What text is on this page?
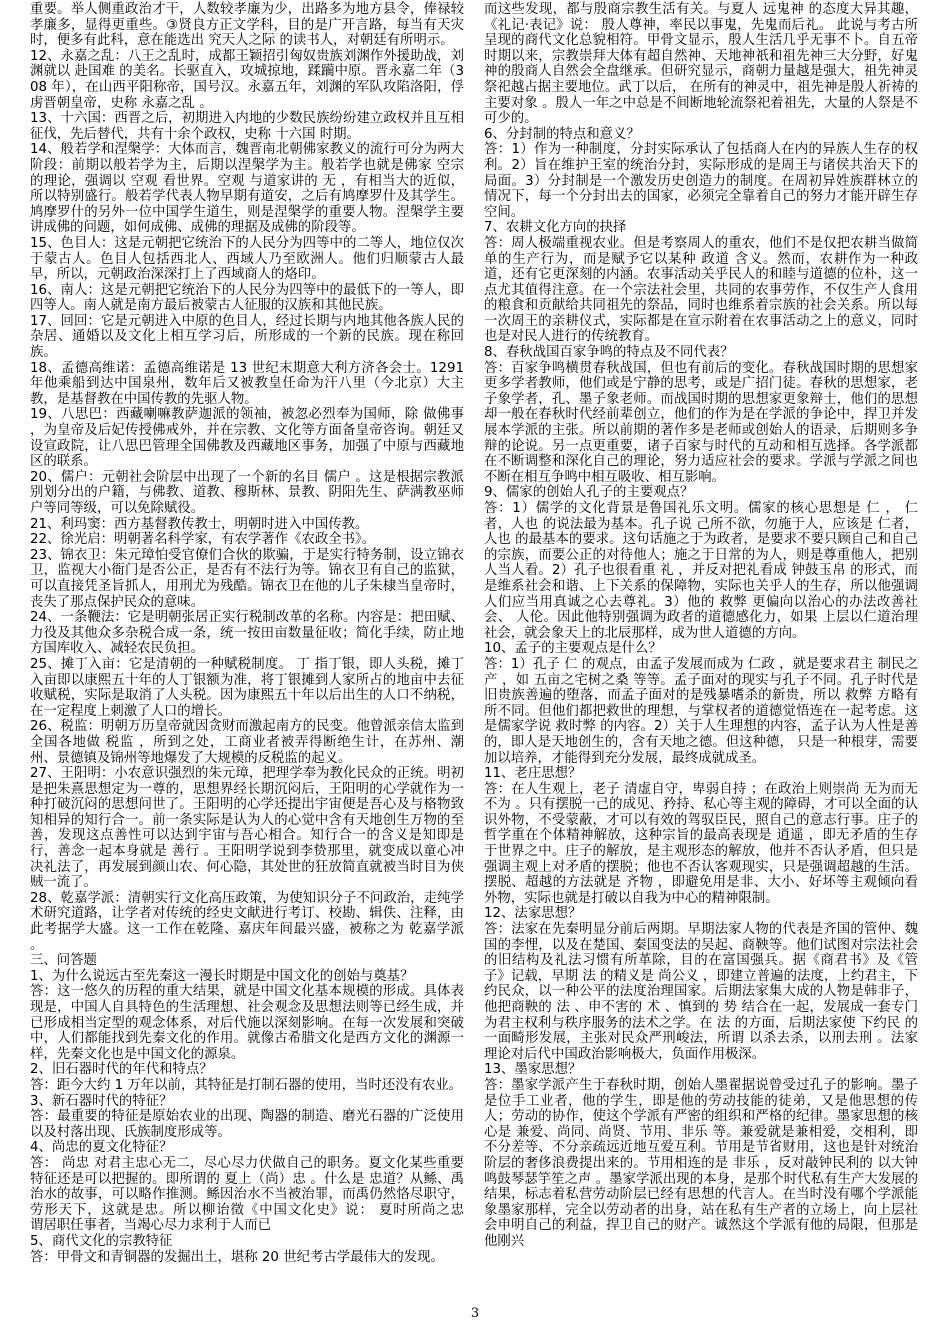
重要。举人侧重政治才干，人数较孝廉为少，出路多为地方县令，俸禄较孝廉多，显得更重些。③贤良方正文学科，目的是广开言路，每当有天灾时，便多有此科，意在能选出 究天人之际 的读书人，对朝廷有所明示。

12、永嘉之乱：八王之乱时，成都王颖招引匈奴贵族刘渊作外援助战，刘渊就以 赴国难 的美名。长驱直入，攻城掠地，蹂躏中原。晋永嘉二年（308 年），在山西平阳称帝，国号汉。永嘉五年，刘渊的军队攻陷洛阳，俘虏晋朝皇帝，史称 永嘉之乱 。

13、十六国：西晋之后，初期进入内地的少数民族纷纷建立政权并且互相征伐，先后替代，共有十余个政权，史称 十六国 时期。

14、般若学和涅槃学：大体而言，魏晋南北朝佛家教义的流行可分为两大阶段：前期以般若学为主，后期以涅槃学为主。般若学也就是佛家 空宗 的理论，强调以 空观 看世界。空观 与道家讲的 无 ，有相当大的近似，所以特别盛行。般若学代表人物早期有道安，之后有鸠摩罗什及其学生。鸠摩罗什的另外一位中国学生道生，则是涅槃学的重要人物。涅槃学主要讲成佛的问题，如何成佛、成佛的理据及成佛的阶段等。

15、色目人：这是元朝把它统治下的人民分为四等中的二等人，地位仅次于蒙古人。色目人包括西北人、西域人乃至欧洲人。他们归顺蒙古人最早，所以，元朝政治深深打上了西域商人的烙印。

16、南人：这是元朝把它统治下的人民分为四等中的最低下的一等人，即四等人。南人就是南方最后被蒙古人征服的汉族和其他民族。

17、回回：它是元朝进入中原的色目人，经过长期与内地其他各族人民的杂居、通婚以及文化上相互学习后，所形成的一个新的民族。现在称回族。

18、孟德高维诺：孟德高维诺是 13 世纪末期意大利方济各会士。1291年他乘船到达中国泉州，数年后又被教皇任命为汗八里（今北京）大主教，是基督教在中国传教的先驱人物。

19、八思巴：西藏喇嘛教萨迦派的领袖，被忽必烈奉为国师，除 做佛事 ，为皇帝及后妃传授佛戒外，并在宗教、文化等方面备皇帝咨询。朝廷又设宣政院，让八思巴管理全国佛教及西藏地区事务，加强了中原与西藏地区的联系。

20、儒户：元朝社会阶层中出现了一个新的名目 儒户 。这是根据宗教派别划分出的户籍，与佛教、道教、穆斯林、景教、阴阳先生、萨满教巫师户等同等级，可以免除赋役。

21、利玛窦：西方基督教传教士，明朝时进入中国传教。

22、徐光启：明朝著名科学家，有农学著作《农政全书》。

23、锦衣卫：朱元璋怕受官僚们合伙的欺骗，于是实行特务制，设立锦衣卫，监视大小衙门是否公正，是否有不法行为等。锦衣卫有自己的监狱，可以直接凭圣旨抓人，用刑尤为残酷。锦衣卫在他的儿子朱棣当皇帝时，丧失了那点保护民众的意味。

24、一条鞭法：它是明朝张居正实行税制改革的名称。内容是：把田赋、力役及其他众多杂税合成一条，统一按田亩数量征收；简化手续，防止地方国库收入、减轻农民负担。

25、摊丁入亩：它是清朝的一种赋税制度。 丁 指丁银，即人头税，摊丁入亩即以康熙五十年的人丁银额为准，将丁银摊到人家所占的地亩中去征收赋税，实际是取消了人头税。因为康熙五十年以后出生的人口不纳税，在一定程度上刺激了人口的增长。

26、税监：明朝万历皇帝就因贪财而激起南方的民变。他曾派亲信太监到全国各地做 税监 ，所到之处，工商业者被弄得断绝生计，在苏州、潮州、景德镇及锦州等地爆发了大规模的反税监的起义。

27、王阳明：小农意识强烈的朱元璋，把理学奉为教化民众的正统。明初是把朱熹思想定为一尊的，思想界经长期沉闷后，王阳明的心学就作为一种打破沉闷的思想问世了。王阳明的心学还提出宇宙便是吾心及与格物致知相异的知行合一。前一条实际是认为人的心觉中含有天地创生万物的至善，发现这点善性可以达到宇宙与吾心相合。知行合一的含义是知即是行，善念一起本身就是 善行 。王阳明学说到李贽那里，就变成以童心冲决礼法了，再发展到颜山农、何心隐，其处世的狂放简直就被当时目为侠贼一流了。

28、乾嘉学派：清朝实行文化高压政策，为使知识分子不问政治，走纯学术研究道路，让学者对传统的经史文献进行考订、校勘、辑佚、注释，由此考据学大盛。这一工作在乾隆、嘉庆年间最兴盛，被称之为 乾嘉学派 。

三、问答题

1、为什么说远古至先秦这一漫长时期是中国文化的创始与奠基？

答：这一悠久的历程的重大结果，就是中国文化基本规模的形成。具体表现是，中国人自具特色的生活理想、社会观念及思想法则等已经生成，并已形成相当定型的观念体系，对后代施以深刻影响。在每一次发展和突破中，人们都能找到先秦文化的作用。就像古希腊文化是西方文化的渊源一样，先秦文化也是中国文化的源泉。

2、旧石器时代的年代和特点？

答：距今大约 1 万年以前，其特征是打制石器的使用，当时还没有农业。

3、新石器时代的特征？

答：最重要的特征是原始农业的出现、陶器的制造、磨光石器的广泛使用以及村落出现、氏族制度形成等。

4、尚忠的夏文化特征？

答： 尚忠 对君主忠心无二，尽心尽力伏做自己的职务。夏文化某些重要特征还是可以把握的。即所谓的 夏上（尚）忠 。什么是 忠道？从鲧、禹治水的故事，可以略作推测。鲧因治水不当被治罪，而禹仍然恪尽职守，劳形天下，这就是忠。所以柳诒徵《中国文化史》说： 夏时所尚之忠　 谓居职任事者，当竭心尽力求利于人而已

5、商代文化的宗教特征

答：甲骨文和青铜器的发掘出土，堪称 20 世纪考古学最伟大的发现。

而这些发现，都与殷商宗教生活有关。与夏人 远鬼神 的态度大异其趣，《礼记·表记》说： 殷人尊神，率民以事鬼，先鬼而后礼。 此说与考古所呈现的商代文化总貌相符。甲骨文显示，殷人生活几乎无事不卜。自五帝时期以来，宗教崇拜大体有超自然神、天地神祇和祖先神三大分野，好鬼神的殷商人自然会全盘继承。但研究显示，商朝力量越是强大，祖先神灵祭祀越占据主要地位。武丁以后， 在所有的神灵中，祖先神是殷人祈祷的主要对象 。殷人一年之中总是不间断地轮流祭祀着祖先，大量的人祭是不可少的。

6、分封制的特点和意义？

答：1）作为一种制度，分封实际承认了包括商人在内的异族人生存的权利。2）旨在维护王室的统治分封，实际形成的是周王与诸侯共治天下的局面。3）分封制是一个激发历史创造力的制度。在周初异姓族群林立的情况下，每一个分封出去的国家，必须完全靠着自己的努力才能开辟生存空间。

7、农耕文化方向的抉择

答：周人极端重视农业。但是考察周人的重农，他们不是仅把农耕当做简单的生产行为，而是赋予它以某种 政道 含义。然而，农耕作为一种政道，还有它更深刻的内涵。农事活动关乎民人的和睦与道德的位朴，这一点尤其值得注意。在一个宗法社会里，共同的农事劳作，不仅生产人食用的粮食和贡献给共同祖先的祭品，同时也维系着宗族的社会关系。所以每一次周王的亲耕仪式，实际都是在宣示附着在农事活动之上的意义，同时也是对民人进行的传统教育。

8、春秋战国百家争鸣的特点及不同代表？

答：百家争鸣横贯春秋战国，但也有前后的变化。春秋战国时期的思想家更多学者教师，他们或是宁静的思考，或是广招门徒。春秋的思想家，老子象学者，孔、墨子象老师。而战国时期的思想家更象辩士，他们的思想却一般在春秋时代经前辈创立，他们的作为是在学派的争论中，捍卫并发展本学派的主张。所以前期的著作多是老师或创始人的语录，后期则多争辩的论说。另一点更重要，诸子百家与时代的互动和相互选择。各学派都在不断调整和深化自己的理论，努力适应社会的要求。学派与学派之间也不断在相互争鸣中相互吸收、相互影响。

9、儒家的创始人孔子的主要观点？

答：1）儒学的文化背景是鲁国礼乐文明。儒家的核心思想是 仁 ， 仁者，人也 的说法最为基本。孔子说 己所不欲，勿施于人，应该是 仁者，人也 的最基本的要求。这句话施之于为政者，是要求不要只顾自己和自己的宗族，而要公正的对待他人；施之于日常的为人，则是尊重他人，把别人当人看。2）孔子也很看重 礼 ，并反对把礼看成 钟鼓玉帛 的形式，而是维系社会和谐、上下关系的保障物，实际也关乎人的生存，所以他强调人们应当用真诚之心去尊礼。3）他的 救弊 更偏向以治心的办法改善社会、 人伦。因此他特别强调为政者的道德感化力，如果 上层以仁道治理社会，就会象天上的北辰那样，成为世人道德的方向。

10、孟子的主要观点是什么？

答：1）孔子 仁 的观点，由孟子发展而成为 仁政 ，就是要求君主 制民之产 ，如 五亩之宅树之桑 等等。孟子面对的现实与孔子不同。孔子时代是旧贵族善遍的堕落，而孟子面对的是残暴嗜杀的新贵，所以 救弊 方略有所不同。但他们都把救世的理想，与掌权者的道德觉悟连在一起考虑。这是儒家学说 救时弊 的内容。2）关于人生理想的内容，孟子认为人性是善的，即人是天地创生的，含有天地之德。但这种德， 只是一种根芽，需要加以培养，才能得到充分发展，最终成就成圣。

11、老庄思想？

答：在人生观上，老子 清虚自守，卑弱自持 ；在政治上则崇尚 无为而无不为 。只有摆脱一己的成见、矜持、私心等主观的障碍，才可以全面的认识外物，不受蒙蔽，才可以有效的驾驭臣民，照自己的意志行事。庄子的哲学重在个体精神解放，这种宗旨的最高表现是 逍遥 ，即无矛盾的生存于世界之中。庄子的解放，是主观形态的解放，他并不否认矛盾，但只是强调主观上对矛盾的摆脱；他也不否认客观现实，只是强调超越的生活。摆脱、超越的方法就是 齐物 ，即避免用是非、大小、好坏等主观倾向看外物，实际也就是打破以自我为中心的精神限制。

12、法家思想？

答：法家在先秦明显分前后两期。早期法家人物的代表是齐国的管仲、魏国的李悝，以及在楚国、秦国变法的吴起、商鞅等。他们试图对宗法社会的旧结构及礼法习惯有所革除，目的在富国强兵。据《商君书》及《管子》记载，早期 法 的精义是 尚公义 ，即建立普遍的法度，上约君主，下约民众，以一种公平的法度治理国家。后期法家集大成的人物是韩非子，他把商鞅的 法 、申不害的 术 、慎到的 势 结合在一起，发展成一套专门为君主权利与秩序服务的法术之学。在 法 的方面，后期法家使 下约民 的一面畸形发展，主张对民众严刑峻法，所谓 以杀去杀，以刑去刑 。法家理论对后代中国政治影响极大，负面作用极深。

13、墨家思想？

答：墨家学派产生于春秋时期，创始人墨翟据说曾受过孔子的影响。墨子是位手工业者，他的学生，即是他的劳动技能的徒弟，又是他思想的传人；劳动的协作，使这个学派有严密的组织和严格的纪律。墨家思想的核心是 兼爱、尚同、尚贤、节用、非乐 等。兼爱就是兼相爱，交相利，即不分差等、不分亲疏远近地互爱互利。节用是节省财用，这也是针对统治阶层的奢侈浪费提出来的。节用相连的是 非乐 ，反对敲钟民利的 以大钟鸣鼓琴瑟竽笙之声 。墨家学派出现的本身，是那个时代私有生产大发展的结果，标志着私营劳动阶层已经有思想的代言人。在当时没有哪个学派能象墨家那样，完全以劳动者的出身，站在私有生产者的立场上，向上层社会申明自己的利益，捍卫自己的财产。诚然这个学派有他的局限，但那是他刚兴

3
